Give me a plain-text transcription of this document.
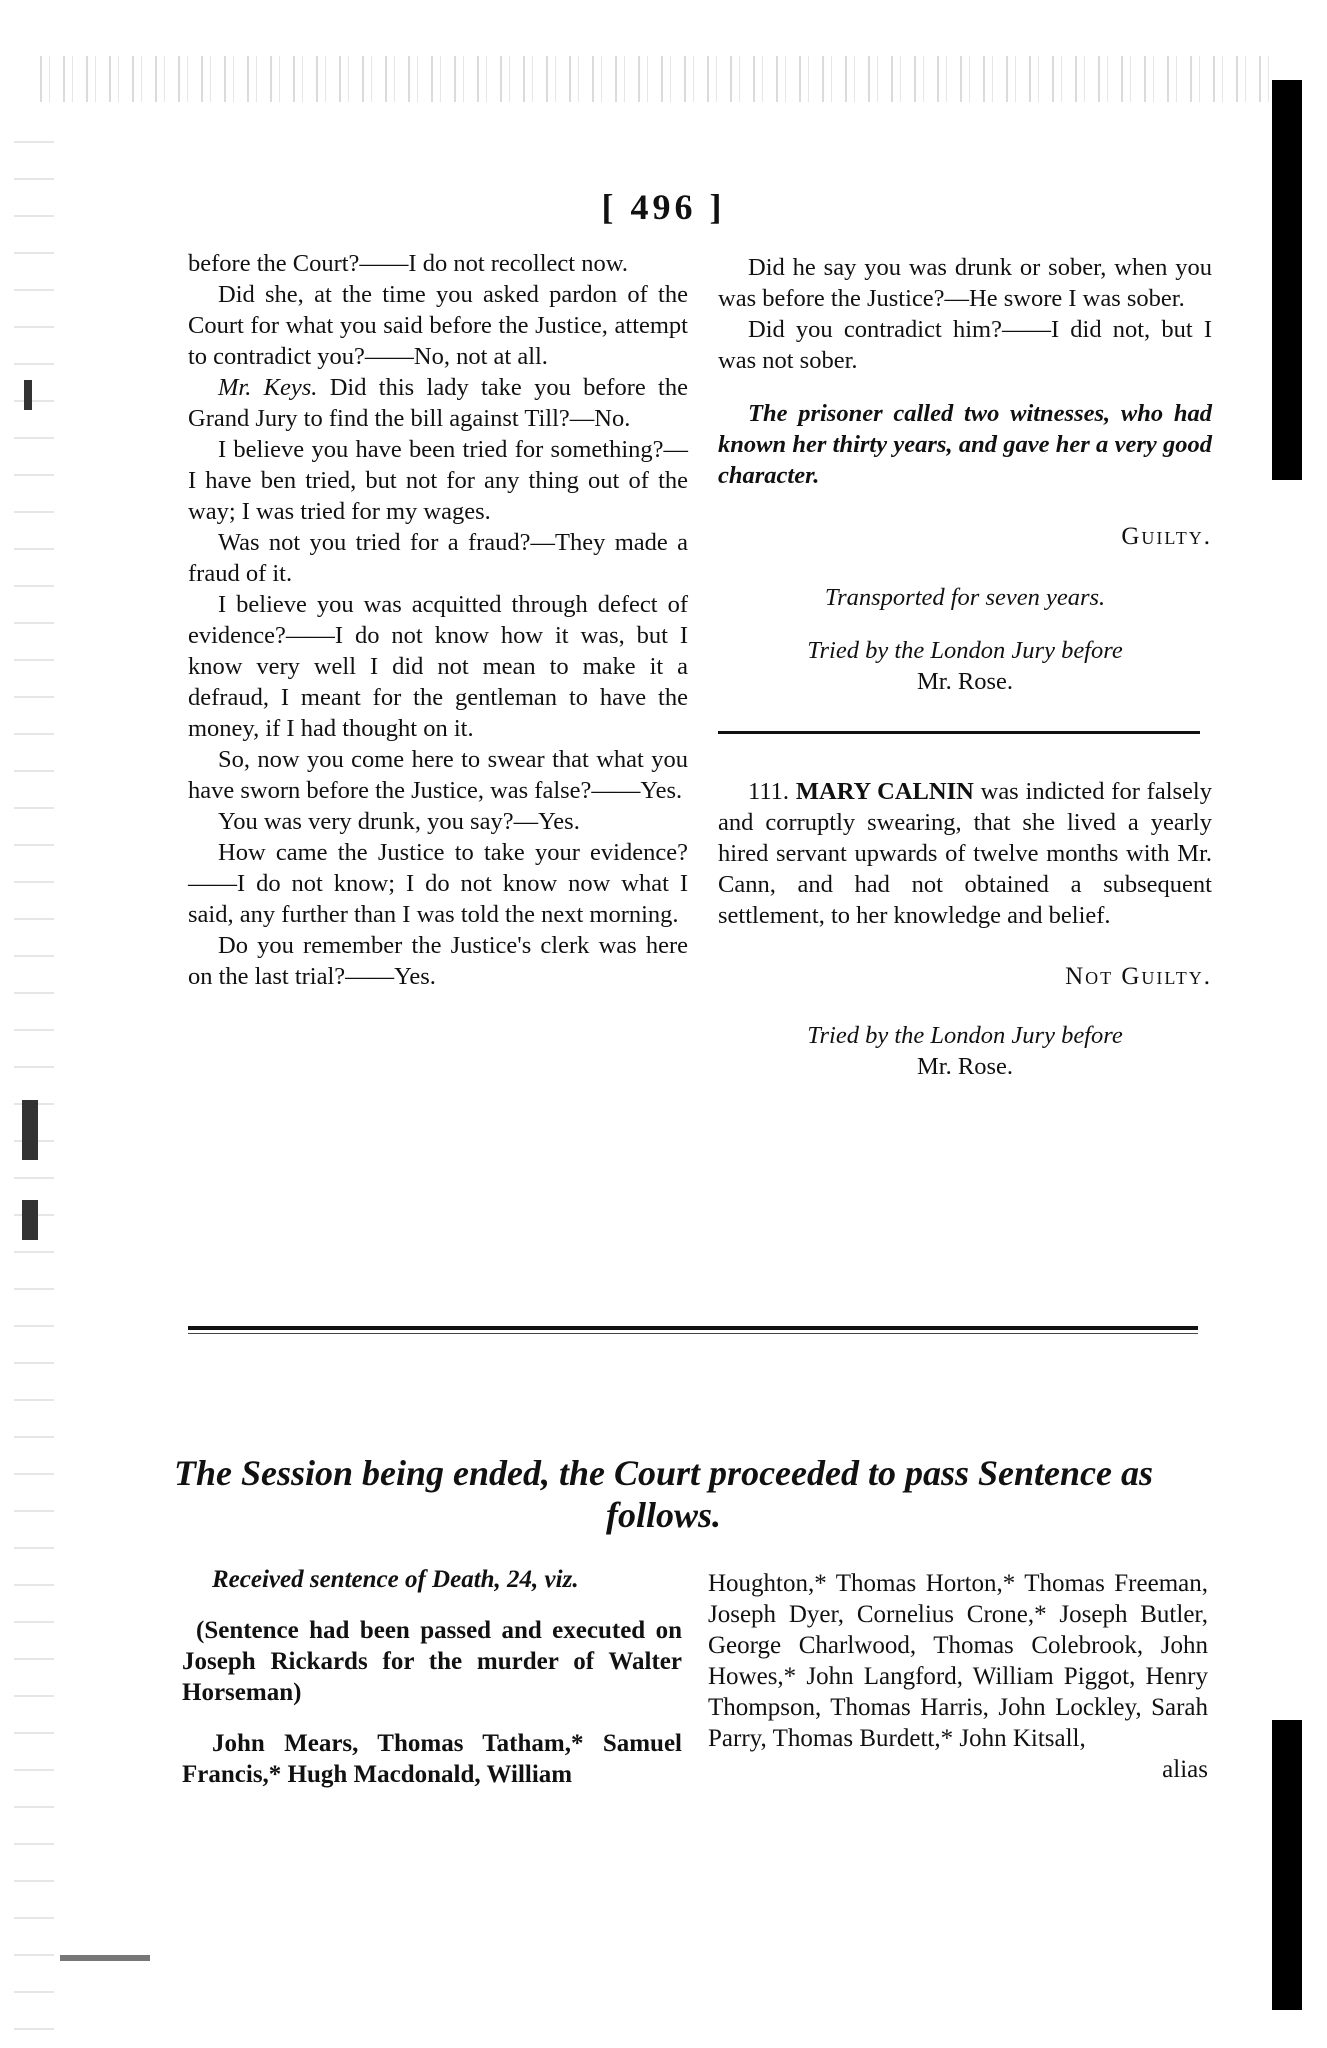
[ 496 ]

before the Court?——I do not recollect now.

Did she, at the time you asked pardon of the Court for what you said before the Justice, attempt to contradict you?——No, not at all.

Mr. Keys. Did this lady take you before the Grand Jury to find the bill against Till?—No.

I believe you have been tried for something?—I have ben tried, but not for any thing out of the way; I was tried for my wages.

Was not you tried for a fraud?—They made a fraud of it.

I believe you was acquitted through defect of evidence?——I do not know how it was, but I know very well I did not mean to make it a defraud, I meant for the gentleman to have the money, if I had thought on it.

So, now you come here to swear that what you have sworn before the Justice, was false?——Yes.

You was very drunk, you say?—Yes.

How came the Justice to take your evidence?——I do not know; I do not know now what I said, any further than I was told the next morning.

Do you remember the Justice's clerk was here on the last trial?——Yes.

Did he say you was drunk or sober, when you was before the Justice?—He swore I was sober.

Did you contradict him?——I did not, but I was not sober.

The prisoner called two witnesses, who had known her thirty years, and gave her a very good character.

Guilty.

Transported for seven years.

Tried by the London Jury before

Mr. Rose.

111. MARY CALNIN was indicted for falsely and corruptly swearing, that she lived a yearly hired servant upwards of twelve months with Mr. Cann, and had not obtained a subsequent settlement, to her knowledge and belief.

Not Guilty.

Tried by the London Jury before

Mr. Rose.

The Session being ended, the Court proceeded to pass Sentence as follows.

Received sentence of Death, 24, viz.

(Sentence had been passed and executed on Joseph Rickards for the murder of Walter Horseman)

John Mears, Thomas Tatham,* Samuel Francis,* Hugh Macdonald, William

Houghton,* Thomas Horton,* Thomas Freeman, Joseph Dyer, Cornelius Crone,* Joseph Butler, George Charlwood, Thomas Colebrook, John Howes,* John Langford, William Piggot, Henry Thompson, Thomas Harris, John Lockley, Sarah Parry, Thomas Burdett,* John Kitsall,

alias
